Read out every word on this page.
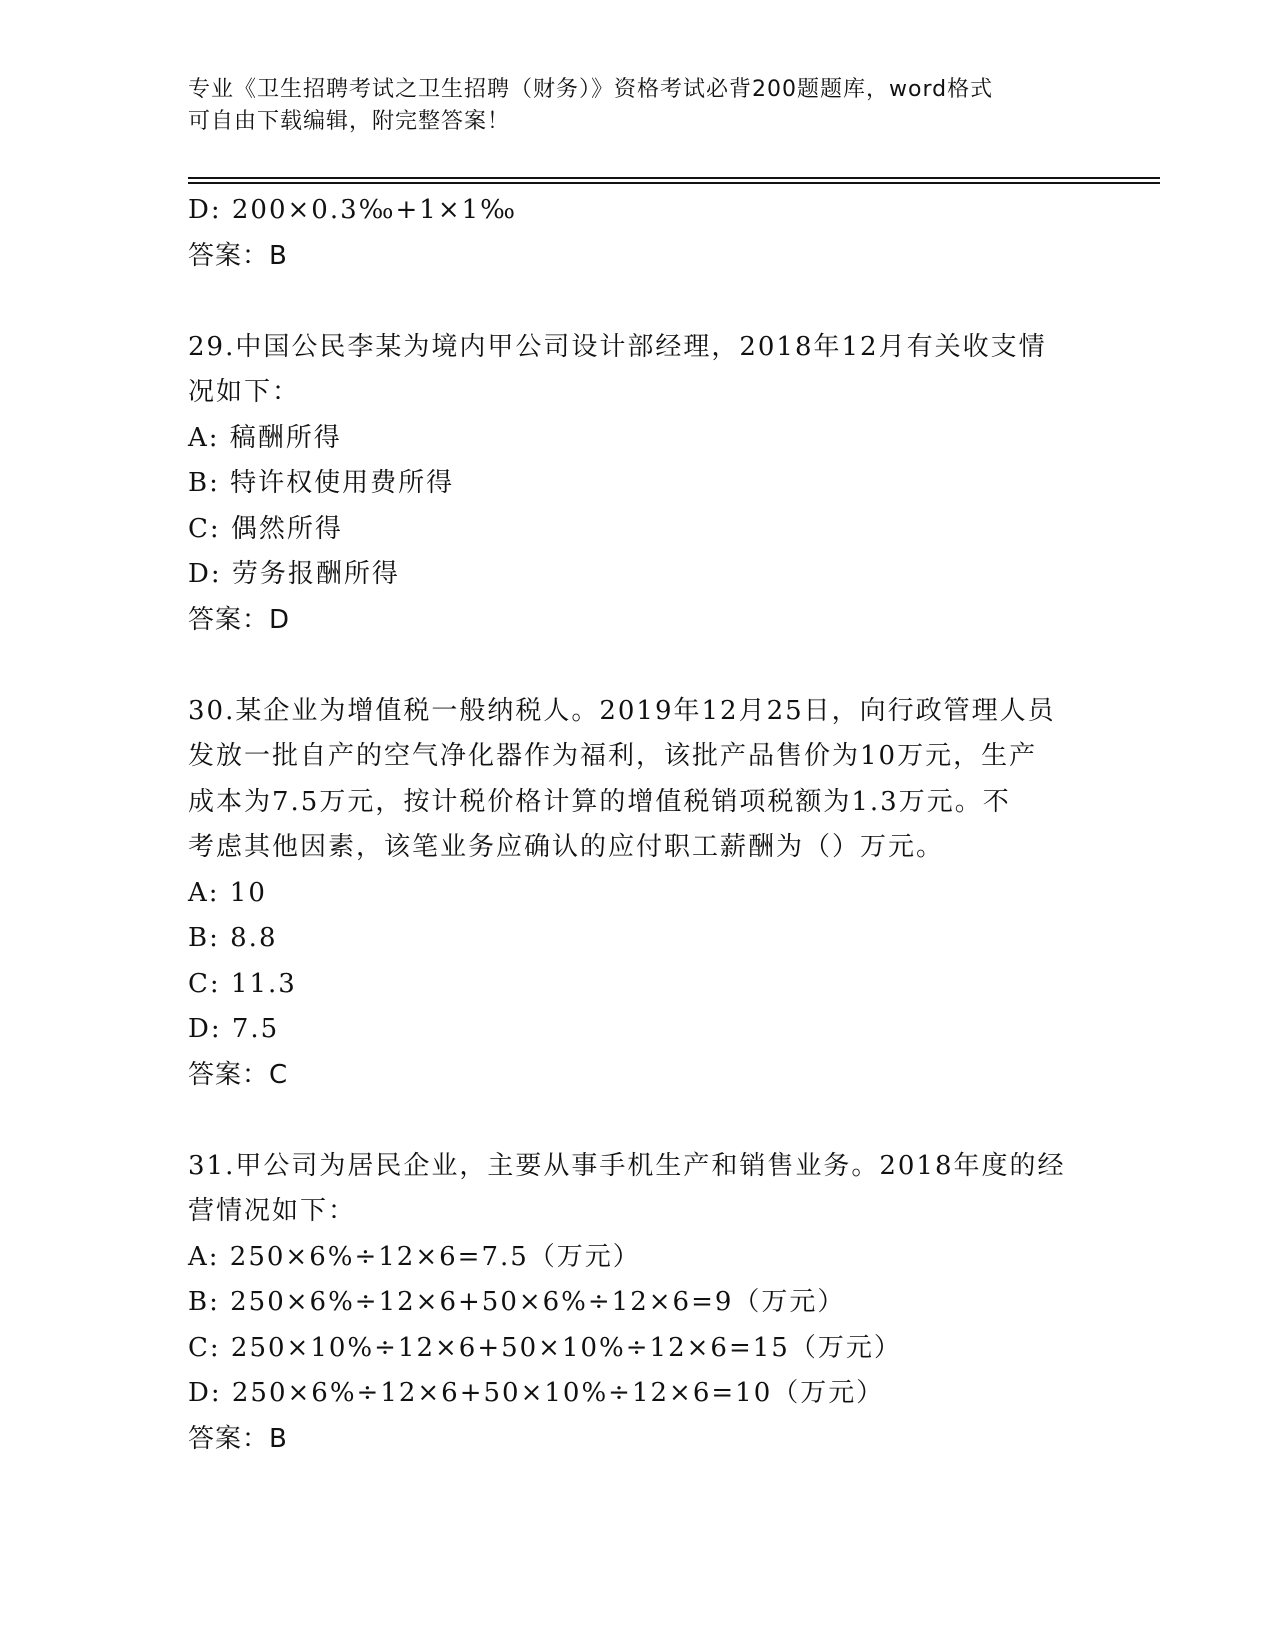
专业《卫生招聘考试之卫生招聘（财务）》资格考试必背200题题库，word格式
可自由下载编辑，附完整答案！
D: 200×0.3‰+1×1‰
答案：B
29.中国公民李某为境内甲公司设计部经理，2018年12月有关收支情
况如下：
A: 稿酬所得
B: 特许权使用费所得
C: 偶然所得
D: 劳务报酬所得
答案：D
30.某企业为增值税一般纳税人。2019年12月25日，向行政管理人员
发放一批自产的空气净化器作为福利，该批产品售价为10万元，生产
成本为7.5万元，按计税价格计算的增值税销项税额为1.3万元。不
考虑其他因素，该笔业务应确认的应付职工薪酬为（）万元。
A: 10
B: 8.8
C: 11.3
D: 7.5
答案：C
31.甲公司为居民企业，主要从事手机生产和销售业务。2018年度的经
营情况如下：
A: 250×6%÷12×6=7.5（万元）
B: 250×6%÷12×6+50×6%÷12×6=9（万元）
C: 250×10%÷12×6+50×10%÷12×6=15（万元）
D: 250×6%÷12×6+50×10%÷12×6=10（万元）
答案：B
